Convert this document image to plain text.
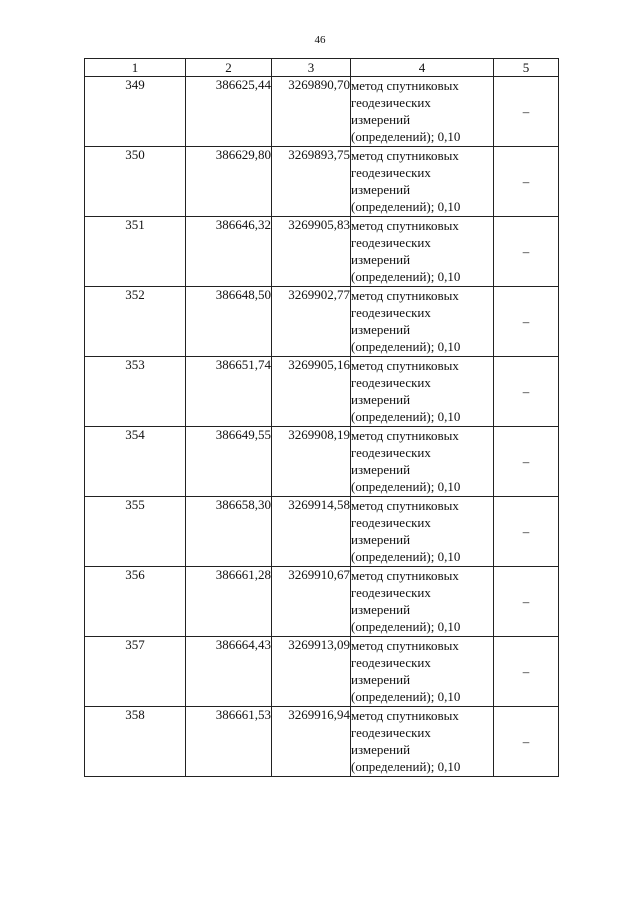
46
1	2	3	4	5
349	386625,44	3269890,70	метод спутниковых
геодезических
измерений
(определений); 0,10	–
350	386629,80	3269893,75	метод спутниковых
геодезических
измерений
(определений); 0,10	–
351	386646,32	3269905,83	метод спутниковых
геодезических
измерений
(определений); 0,10	–
352	386648,50	3269902,77	метод спутниковых
геодезических
измерений
(определений); 0,10	–
353	386651,74	3269905,16	метод спутниковых
геодезических
измерений
(определений); 0,10	–
354	386649,55	3269908,19	метод спутниковых
геодезических
измерений
(определений); 0,10	–
355	386658,30	3269914,58	метод спутниковых
геодезических
измерений
(определений); 0,10	–
356	386661,28	3269910,67	метод спутниковых
геодезических
измерений
(определений); 0,10	–
357	386664,43	3269913,09	метод спутниковых
геодезических
измерений
(определений); 0,10	–
358	386661,53	3269916,94	метод спутниковых
геодезических
измерений
(определений); 0,10	–
